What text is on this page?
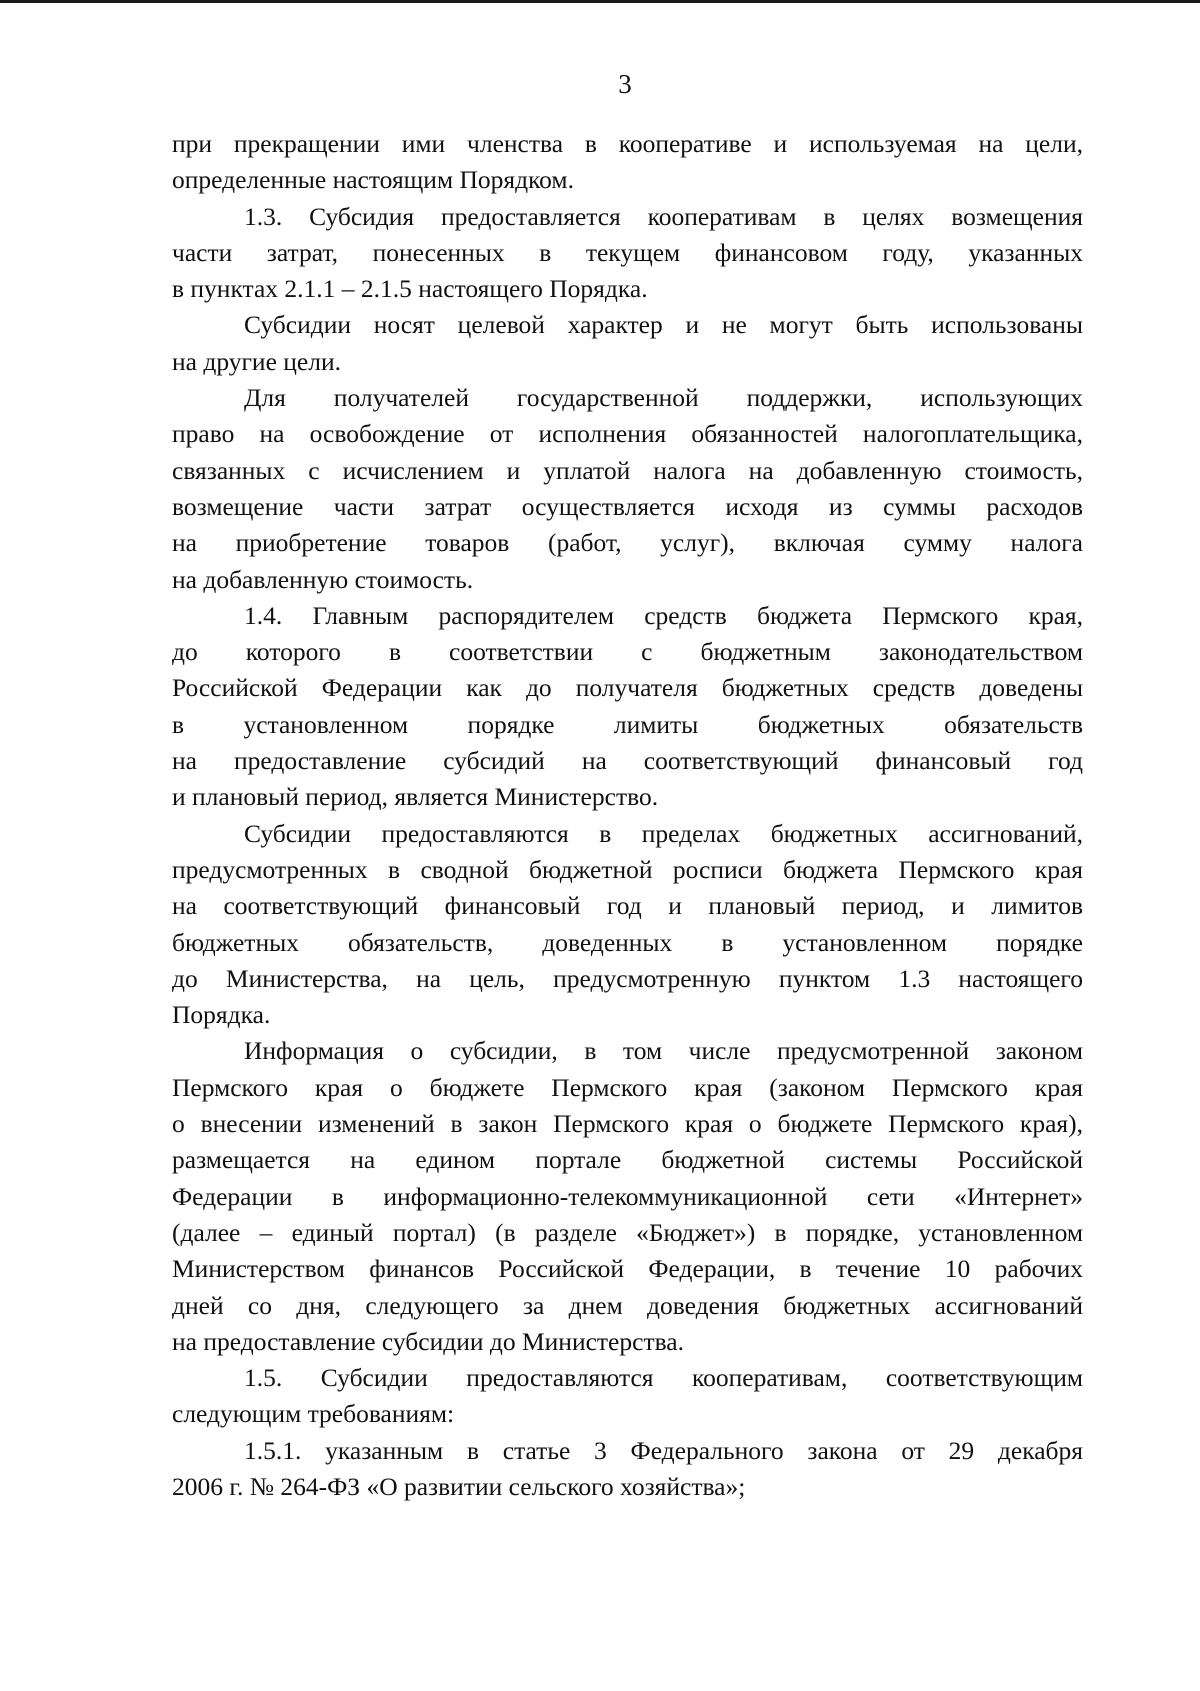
3

при прекращении ими членства в кооперативе и используемая на цели,

определенные настоящим Порядком.

1.3. Субсидия предоставляется кооперативам в целях возмещения

части затрат, понесенных в текущем финансовом году, указанных

в пунктах 2.1.1 – 2.1.5 настоящего Порядка.

Субсидии носят целевой характер и не могут быть использованы

на другие цели.

Для получателей государственной поддержки, использующих

право на освобождение от исполнения обязанностей налогоплательщика,

связанных с исчислением и уплатой налога на добавленную стоимость,

возмещение части затрат осуществляется исходя из суммы расходов

на приобретение товаров (работ, услуг), включая сумму налога

на добавленную стоимость.

1.4. Главным распорядителем средств бюджета Пермского края,

до которого в соответствии с бюджетным законодательством

Российской Федерации как до получателя бюджетных средств доведены

в установленном порядке лимиты бюджетных обязательств

на предоставление субсидий на соответствующий финансовый год

и плановый период, является Министерство.

Субсидии предоставляются в пределах бюджетных ассигнований,

предусмотренных в сводной бюджетной росписи бюджета Пермского края

на соответствующий финансовый год и плановый период, и лимитов

бюджетных обязательств, доведенных в установленном порядке

до Министерства, на цель, предусмотренную пунктом 1.3 настоящего

Порядка.

Информация о субсидии, в том числе предусмотренной законом

Пермского края о бюджете Пермского края (законом Пермского края

о внесении изменений в закон Пермского края о бюджете Пермского края),

размещается на едином портале бюджетной системы Российской

Федерации в информационно-телекоммуникационной сети «Интернет»

(далее – единый портал) (в разделе «Бюджет») в порядке, установленном

Министерством финансов Российской Федерации, в течение 10 рабочих

дней со дня, следующего за днем доведения бюджетных ассигнований

на предоставление субсидии до Министерства.

1.5. Субсидии предоставляются кооперативам, соответствующим

следующим требованиям:

1.5.1. указанным в статье 3 Федерального закона от 29 декабря

2006 г. № 264-ФЗ «О развитии сельского хозяйства»;
